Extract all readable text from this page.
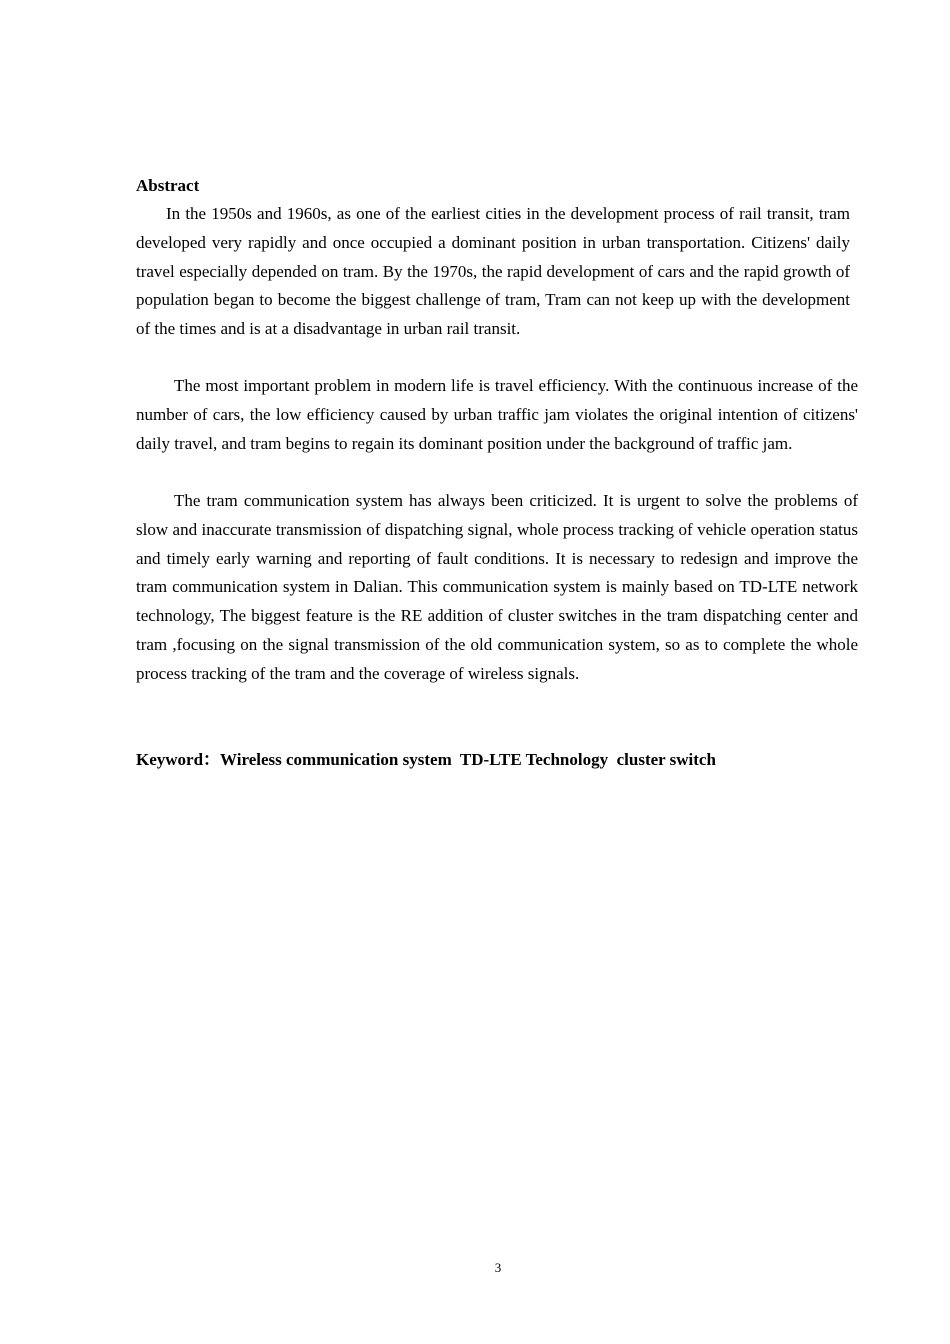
Abstract

In the 1950s and 1960s, as one of the earliest cities in the development process of rail transit, tram developed very rapidly and once occupied a dominant position in urban transportation. Citizens' daily travel especially depended on tram. By the 1970s, the rapid development of cars and the rapid growth of population began to become the biggest challenge of tram, Tram can not keep up with the development of the times and is at a disadvantage in urban rail transit.

The most important problem in modern life is travel efficiency. With the continuous increase of the number of cars, the low efficiency caused by urban traffic jam violates the original intention of citizens' daily travel, and tram begins to regain its dominant position under the background of traffic jam.

The tram communication system has always been criticized. It is urgent to solve the problems of slow and inaccurate transmission of dispatching signal, whole process tracking of vehicle operation status and timely early warning and reporting of fault conditions. It is necessary to redesign and improve the tram communication system in Dalian. This communication system is mainly based on TD-LTE network technology, The biggest feature is the RE addition of cluster switches in the tram dispatching center and tram ,focusing on the signal transmission of the old communication system, so as to complete the whole process tracking of the tram and the coverage of wireless signals.

Keyword：Wireless communication system  TD-LTE Technology  cluster switch

3
